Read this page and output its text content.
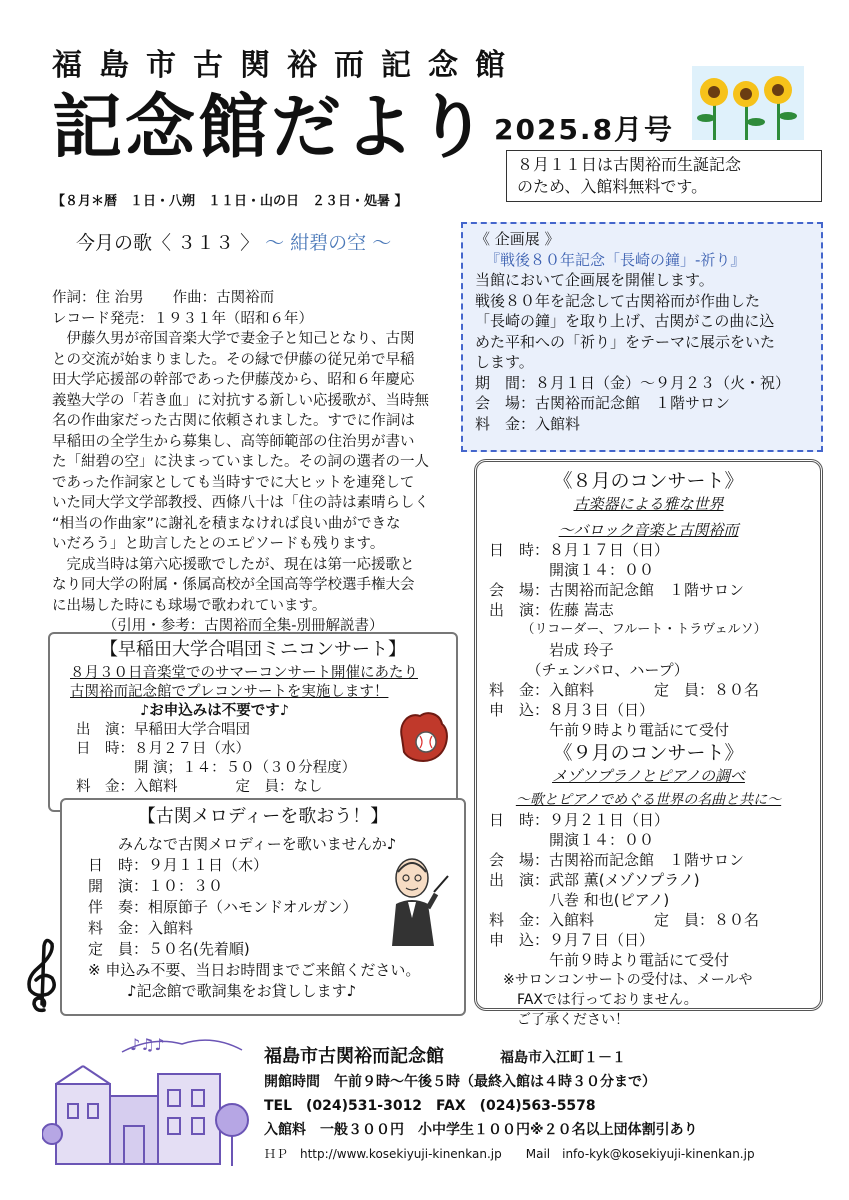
福島市古関裕而記念館
記念館だより 2025.8月号
８月１１日は古関裕而生誕記念
のため、入館料無料です。
【８月＊暦　１日・八朔　１１日・山の日　２３日・処暑 】
今月の歌〈 ３１３ 〉 ～ 紺碧の空 ～
作詞：住 治男　　作曲：古関裕而
レコード発売：１９３１年（昭和６年）
　伊藤久男が帝国音楽大学で妻金子と知己となり、古関
との交流が始まりました。その縁で伊藤の従兄弟で早稲
田大学応援部の幹部であった伊藤茂から、昭和６年慶応
義塾大学の「若き血」に対抗する新しい応援歌が、当時無
名の作曲家だった古関に依頼されました。すでに作詞は
早稲田の全学生から募集し、高等師範部の住治男が書い
た「紺碧の空」に決まっていました。その詞の選者の一人
であった作詞家としても当時すでに大ヒットを連発して
いた同大学文学部教授、西條八十は「住の詩は素晴らしく
“相当の作曲家”に謝礼を積まなければ良い曲ができな
いだろう」と助言したとのエピソードも残ります。
　完成当時は第六応援歌でしたが、現在は第一応援歌と
なり同大学の附属・係属高校が全国高等学校選手権大会
に出場した時にも球場で歌われています。
　　　　（引用・参考：古関裕而全集‐別冊解説書）
《 企画展 》
『戦後８０年記念「長崎の鐘」‐祈り』
当館において企画展を開催します。
戦後８０年を記念して古関裕而が作曲した
「長崎の鐘」を取り上げ、古関がこの曲に込
めた平和への「祈り」をテーマに展示をいた
します。
期　間：８月１日（金）～９月２３（火・祝）
会　場：古関裕而記念館　１階サロン
料　金：入館料
【早稲田大学合唱団ミニコンサート】
８月３０日音楽堂でのサマーコンサート開催にあたり
古関裕而記念館でプレコンサートを実施します！
♪お申込みは不要です♪
出　演：早稲田大学合唱団
日　時：８月２７日（水）
　　　　開 演；１４：５０（３０分程度）
料　金：入館料　　　　定　員：なし
《８月のコンサート》
古楽器による雅な世界
～バロック音楽と古関裕而
日　時：８月１７日（日）
　　　　開演１４：００
会　場：古関裕而記念館　１階サロン
出　演：佐藤 嵩志
　　　（リコーダー、フルート・トラヴェルソ）
　　　　岩成 玲子
　　　（チェンバロ、ハープ）
料　金：入館料　　　　定　員：８０名
申　込：８月３日（日）
　　　　午前９時より電話にて受付
《９月のコンサート》
メゾソプラノとピアノの調べ
～歌とピアノでめぐる世界の名曲と共に～
日　時：９月２１日（日）
　　　　開演１４：００
会　場：古関裕而記念館　１階サロン
出　演：武部 薫(メゾソプラノ)
　　　　八巻 和也(ピアノ)
料　金：入館料　　　　定　員：８０名
申　込：９月７日（日）
　　　　午前９時より電話にて受付
　※サロンコンサートの受付は、メールや
　　FAXでは行っておりません。
　　ご了承ください！
【古関メロディーを歌おう！】
みんなで古関メロディーを歌いませんか♪
日　時：９月１１日（木）
開　演：１０：３０
伴　奏：相原節子（ハモンドオルガン）
料　金：入館料
定　員：５０名(先着順)
※ 申込み不要、当日お時間までご来館ください。
　♪記念館で歌詞集をお貸しします♪
♪♫♪
福島市古関裕而記念館	福島市入江町１－１
開館時間　午前９時～午後５時（最終入館は４時３０分まで）
TEL　(024)531-3012　FAX　(024)563-5578
入館料　一般３００円　小中学生１００円※２０名以上団体割引あり
ＨＰ　http://www.kosekiyuji-kinenkan.jp　　Mail　info-kyk@kosekiyuji-kinenkan.jp
